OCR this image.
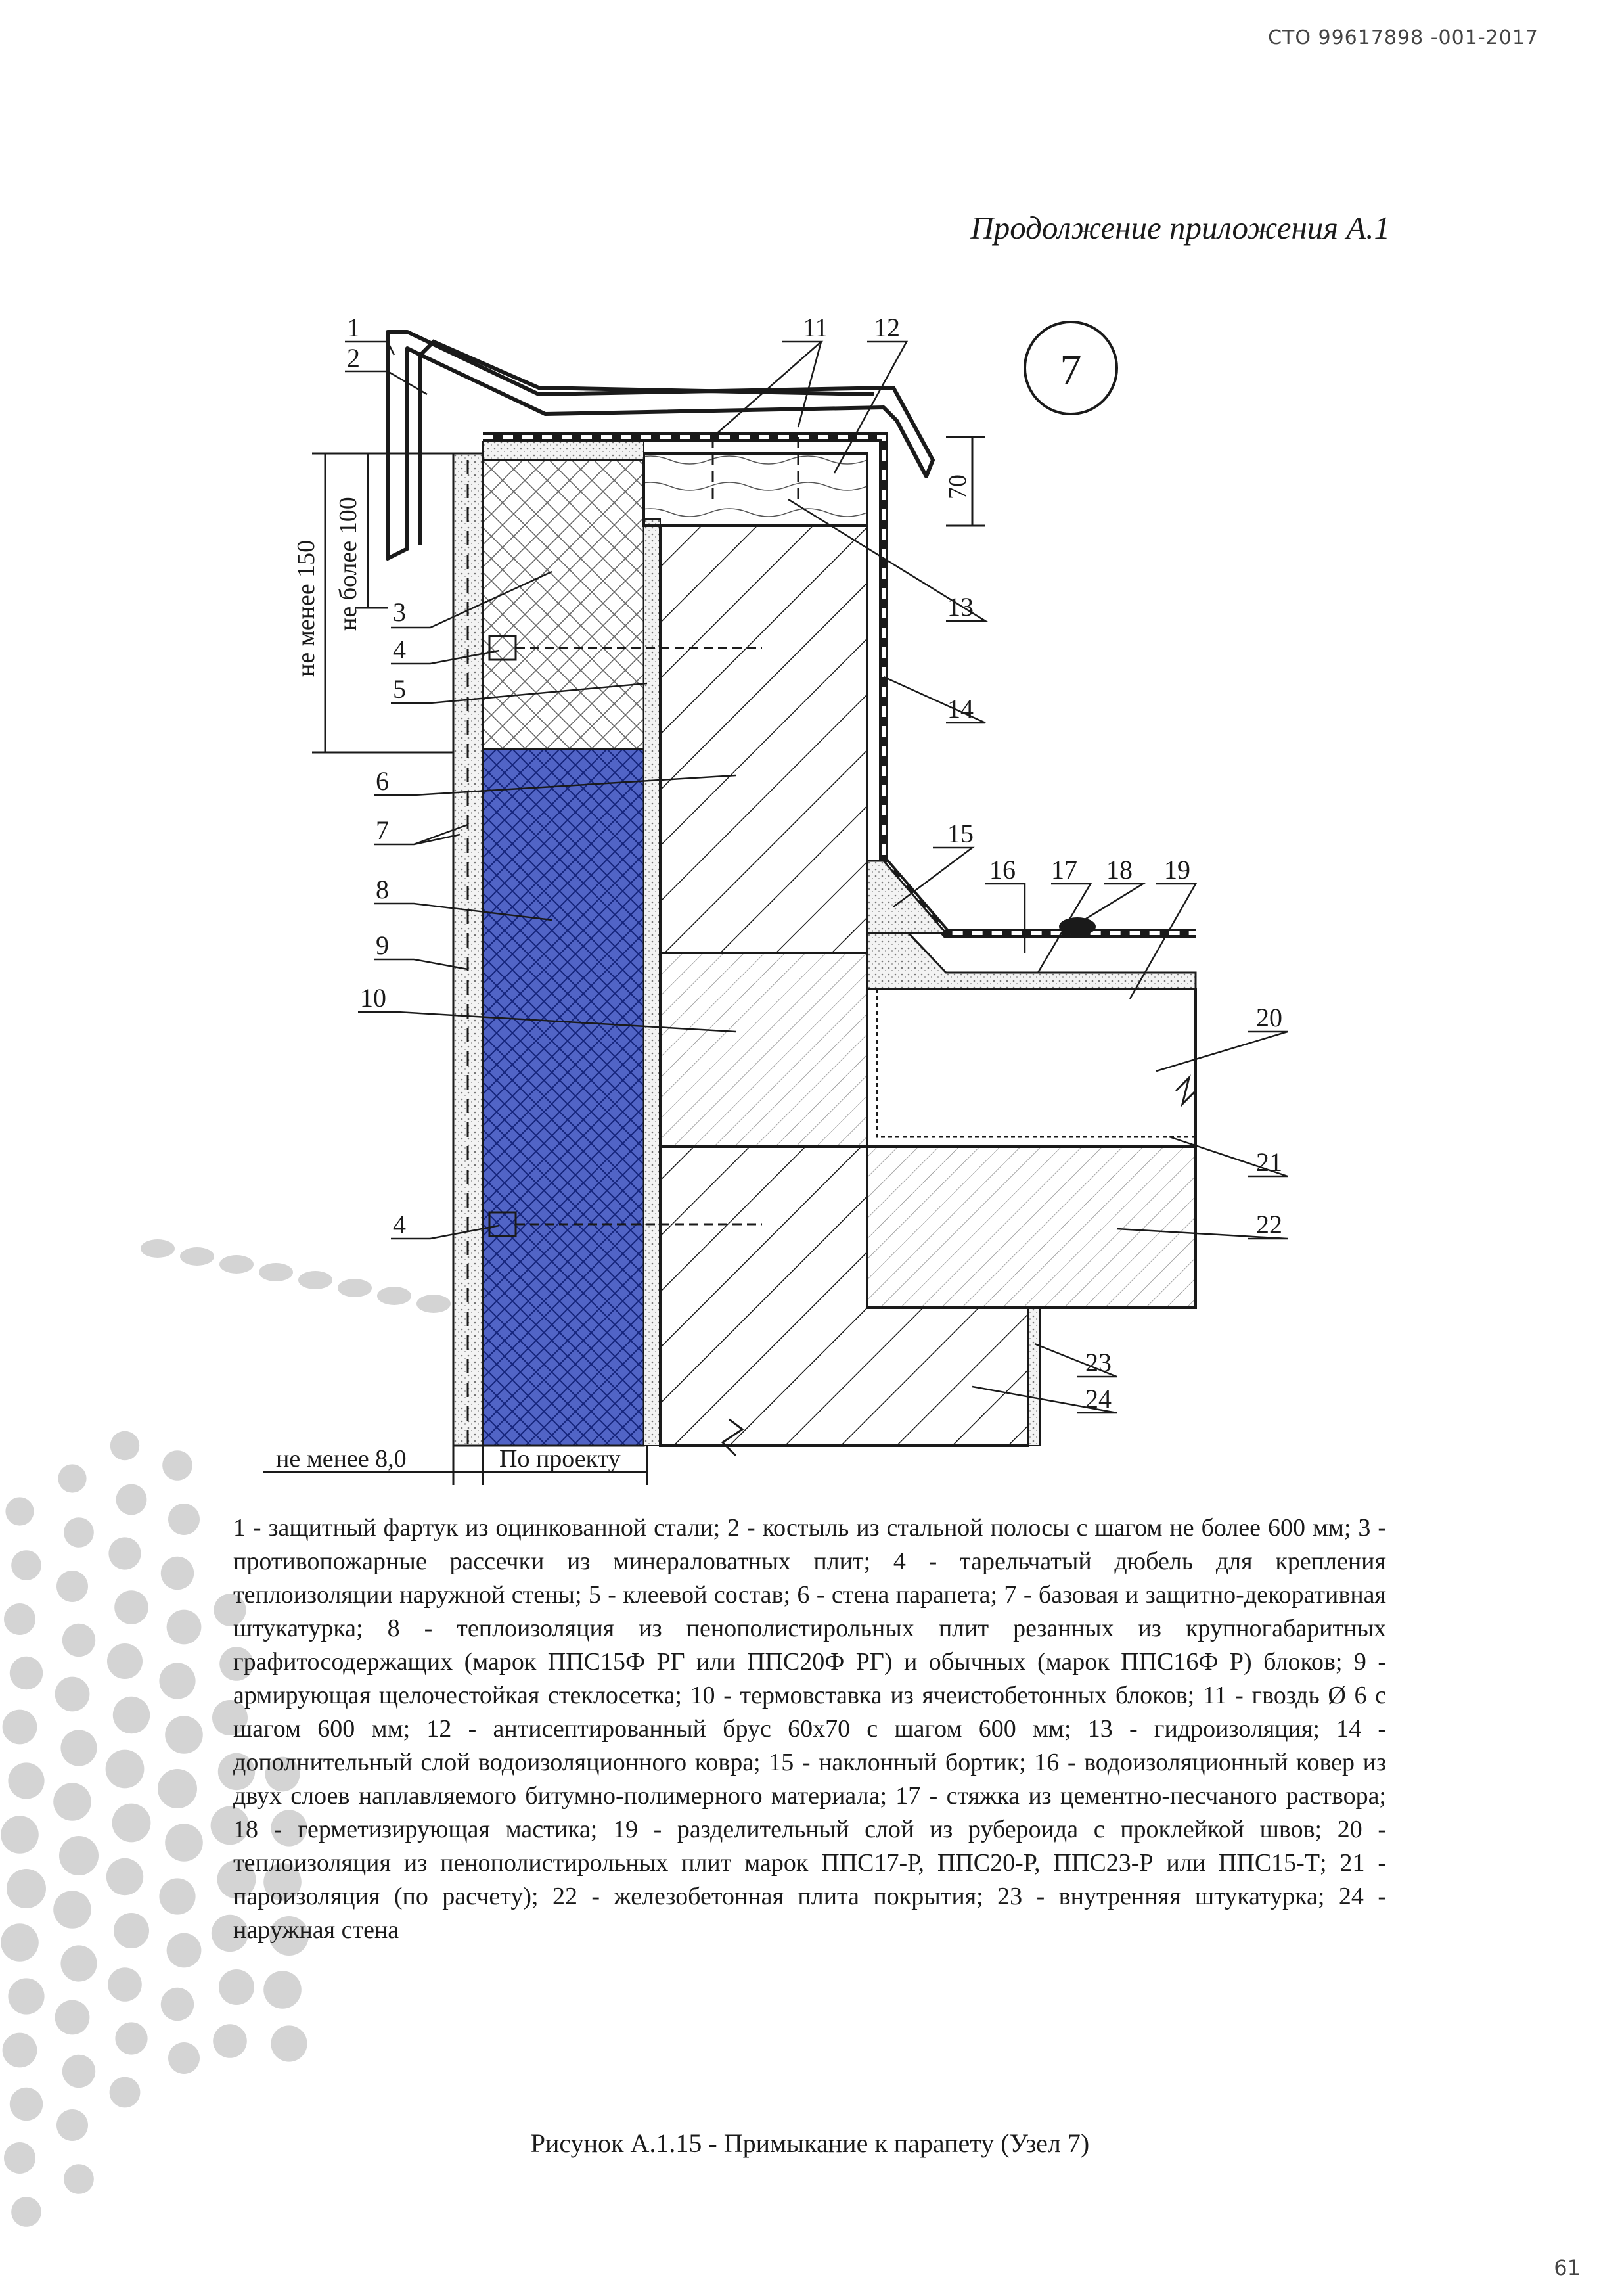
СТО 99617898 -001-2017
Продолжение приложения А.1
7
не менее 150 не более 100
70
не менее 8,0	По проекту
1
2
3
4
5
6
7
8
9
10
11 12
13
14
15
16 17 18 19
20
21
22
23
24
4
1 - защитный фартук из оцинкованной стали; 2 - костыль из стальной полосы с шагом не более 600 мм; 3 - противопожарные рассечки из минераловатных плит; 4 - тарельчатый дюбель для крепления теплоизоляции наружной стены; 5 - клеевой состав; 6 - стена парапета; 7 - базовая и защитно-декоративная штукатурка; 8 - теплоизоляция из пенополистирольных плит резанных из крупногабаритных графитосодержащих (марок ППС15Ф РГ или ППС20Ф РГ) и обычных (марок ППС16Ф Р) блоков; 9 - армирующая щелочестойкая стеклосетка; 10 - термовставка из ячеистобетонных блоков; 11 - гвоздь Ø 6 с шагом 600 мм; 12 - антисептированный брус 60х70 с шагом 600 мм; 13 - гидроизоляция; 14 - дополнительный слой водоизоляционного ковра; 15 - наклонный бортик; 16 - водоизоляционный ковер из двух слоев наплавляемого битумно-полимерного материала; 17 - стяжка из цементно-песчаного раствора; 18 - герметизирующая мастика; 19 - разделительный слой из рубероида с проклейкой швов; 20 - теплоизоляция из пенополистирольных плит марок ППС17-Р, ППС20-Р, ППС23-Р или ППС15-Т; 21 - пароизоляция (по расчету); 22 - железобетонная плита покрытия; 23 - внутренняя штукатурка; 24 - наружная стена
Рисунок А.1.15 - Примыкание к парапету (Узел 7)
61
